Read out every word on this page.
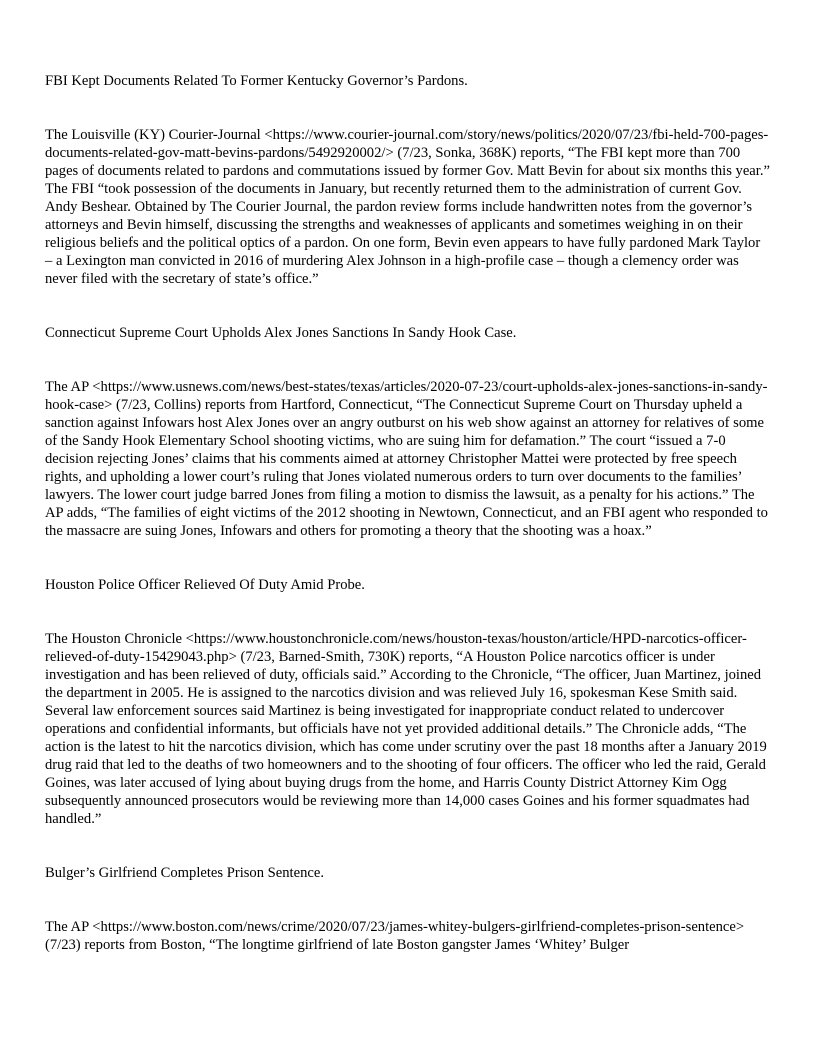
FBI Kept Documents Related To Former Kentucky Governor’s Pardons.

The Louisville (KY) Courier-Journal <https://www.courier-journal.com/story/news/politics/2020/07/23/fbi-held-700-pages-documents-related-gov-matt-bevins-pardons/5492920002/> (7/23, Sonka, 368K) reports, “The FBI kept more than 700 pages of documents related to pardons and commutations issued by former Gov. Matt Bevin for about six months this year.” The FBI “took possession of the documents in January, but recently returned them to the administration of current Gov. Andy Beshear. Obtained by The Courier Journal, the pardon review forms include handwritten notes from the governor’s attorneys and Bevin himself, discussing the strengths and weaknesses of applicants and sometimes weighing in on their religious beliefs and the political optics of a pardon. On one form, Bevin even appears to have fully pardoned Mark Taylor – a Lexington man convicted in 2016 of murdering Alex Johnson in a high-profile case – though a clemency order was never filed with the secretary of state’s office.”

Connecticut Supreme Court Upholds Alex Jones Sanctions In Sandy Hook Case.

The AP <https://www.usnews.com/news/best-states/texas/articles/2020-07-23/court-upholds-alex-jones-sanctions-in-sandy-hook-case> (7/23, Collins) reports from Hartford, Connecticut, “The Connecticut Supreme Court on Thursday upheld a sanction against Infowars host Alex Jones over an angry outburst on his web show against an attorney for relatives of some of the Sandy Hook Elementary School shooting victims, who are suing him for defamation.” The court “issued a 7-0 decision rejecting Jones’ claims that his comments aimed at attorney Christopher Mattei were protected by free speech rights, and upholding a lower court’s ruling that Jones violated numerous orders to turn over documents to the families’ lawyers. The lower court judge barred Jones from filing a motion to dismiss the lawsuit, as a penalty for his actions.” The AP adds, “The families of eight victims of the 2012 shooting in Newtown, Connecticut, and an FBI agent who responded to the massacre are suing Jones, Infowars and others for promoting a theory that the shooting was a hoax.”

Houston Police Officer Relieved Of Duty Amid Probe.

The Houston Chronicle <https://www.houstonchronicle.com/news/houston-texas/houston/article/HPD-narcotics-officer-relieved-of-duty-15429043.php> (7/23, Barned-Smith, 730K) reports, “A Houston Police narcotics officer is under investigation and has been relieved of duty, officials said.” According to the Chronicle, “The officer, Juan Martinez, joined the department in 2005. He is assigned to the narcotics division and was relieved July 16, spokesman Kese Smith said. Several law enforcement sources said Martinez is being investigated for inappropriate conduct related to undercover operations and confidential informants, but officials have not yet provided additional details.” The Chronicle adds, “The action is the latest to hit the narcotics division, which has come under scrutiny over the past 18 months after a January 2019 drug raid that led to the deaths of two homeowners and to the shooting of four officers. The officer who led the raid, Gerald Goines, was later accused of lying about buying drugs from the home, and Harris County District Attorney Kim Ogg subsequently announced prosecutors would be reviewing more than 14,000 cases Goines and his former squadmates had handled.”

Bulger’s Girlfriend Completes Prison Sentence.

The AP <https://www.boston.com/news/crime/2020/07/23/james-whitey-bulgers-girlfriend-completes-prison-sentence> (7/23) reports from Boston, “The longtime girlfriend of late Boston gangster James ‘Whitey’ Bulger
